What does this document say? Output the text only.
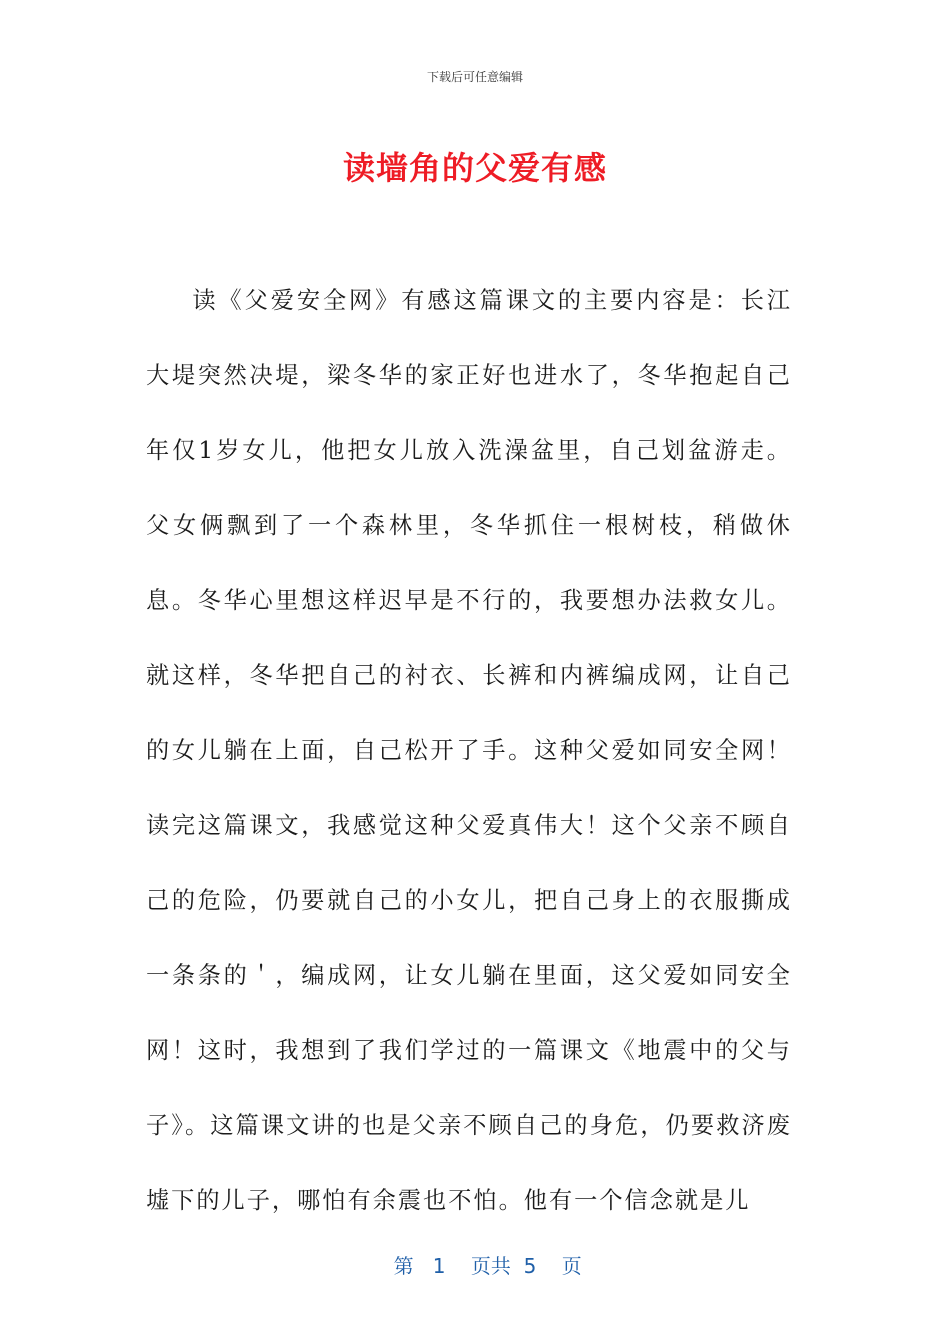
下载后可任意编辑
读墙角的父爱有感

读《父爱安全网》有感这篇课文的主要内容是：长江大堤突然决堤，梁冬华的家正好也进水了，冬华抱起自己年仅1岁女儿，他把女儿放入洗澡盆里，自己划盆游走。父女俩飘到了一个森林里，冬华抓住一根树枝，稍做休息。冬华心里想这样迟早是不行的，我要想办法救女儿。就这样，冬华把自己的衬衣、长裤和内裤编成网，让自己的女儿躺在上面，自己松开了手。这种父爱如同安全网！读完这篇课文，我感觉这种父爱真伟大！这个父亲不顾自己的危险，仍要就自己的小女儿，把自己身上的衣服撕成一条条的＇，编成网，让女儿躺在里面，这父爱如同安全网！这时，我想到了我们学过的一篇课文《地震中的父与子》。这篇课文讲的也是父亲不顾自己的身危，仍要救济废墟下的儿子，哪怕有余震也不怕。他有一个信念就是儿

第 1 页共 5 页
